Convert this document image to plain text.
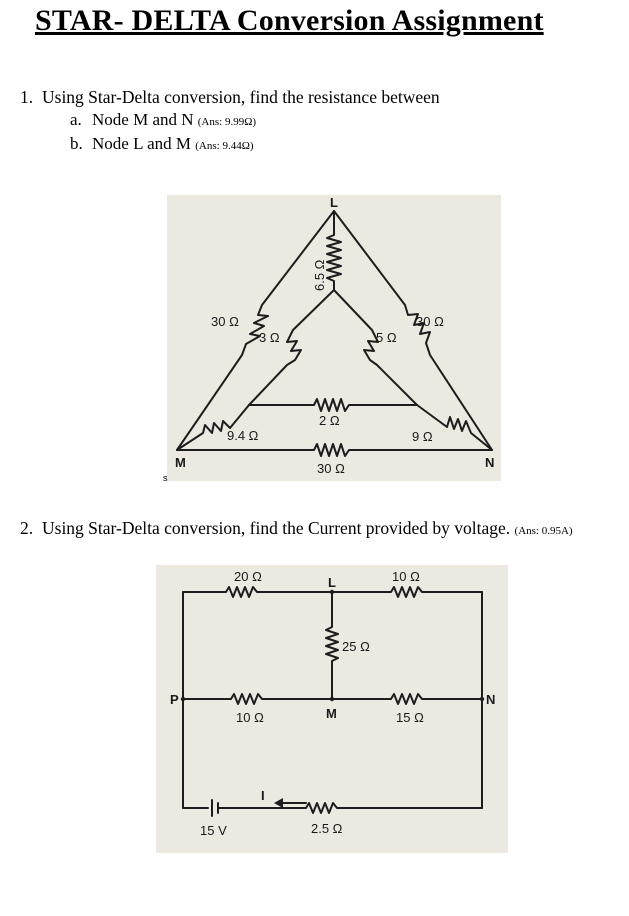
STAR- DELTA Conversion Assignment
1. Using Star-Delta conversion, find the resistance between
a. Node M and N (Ans: 9.99Ω)
b. Node L and M (Ans: 9.44Ω)
L
M	N
6.5 Ω
30 Ω
3 Ω	5 Ω
30 Ω
2 Ω
9.4 Ω	9 Ω
30 Ω
s
2. Using Star-Delta conversion, find the Current provided by voltage. (Ans: 0.95A)
20 Ω	L	10 Ω
25 Ω
P	N
10 Ω	M	15 Ω
I
15 V	2.5 Ω
